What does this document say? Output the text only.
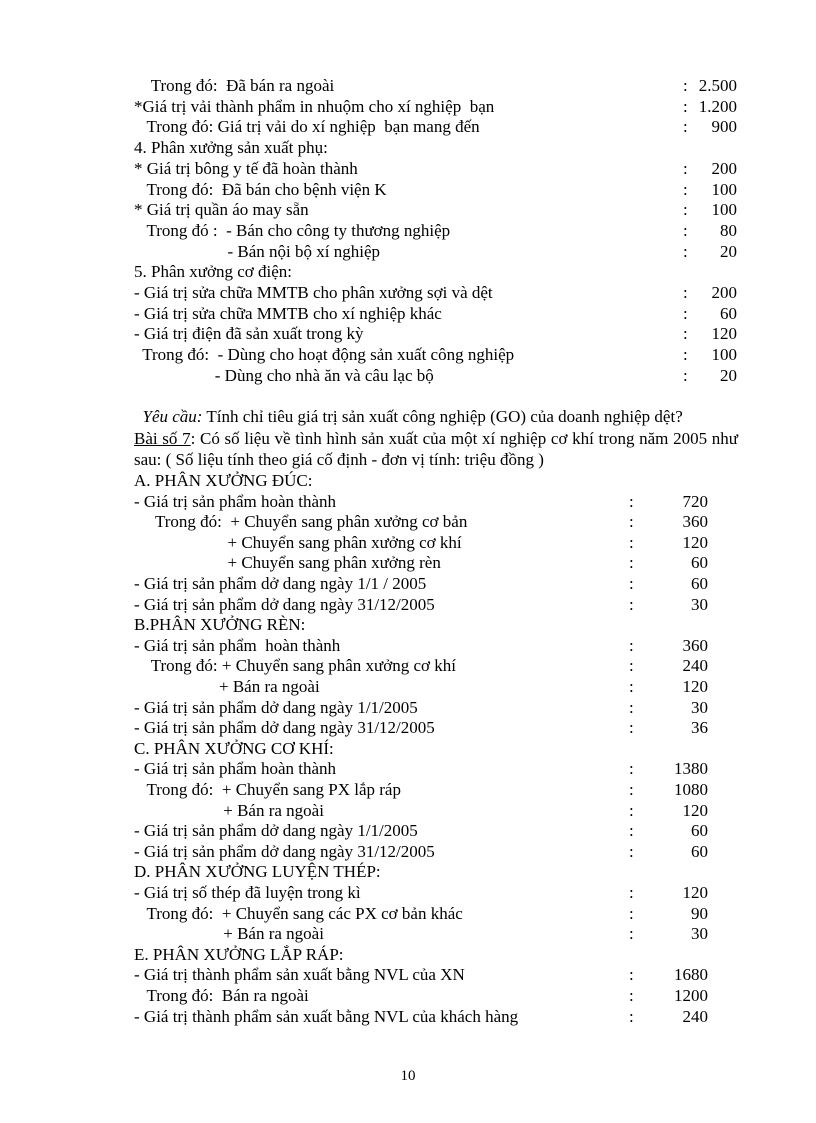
Trong đó:  Đã bán ra ngoài	: 2.500
*Giá trị vải thành phẩm in nhuộm cho xí nghiệp  bạn	: 1.200
Trong đó: Giá trị vải do xí nghiệp  bạn mang đến	: 900
4. Phân xưởng sản xuất phụ:
* Giá trị bông y tế đã hoàn thành	: 200
Trong đó:  Đã bán cho bệnh viện K	: 100
* Giá trị quần áo may sẵn	: 100
Trong đó :  - Bán cho công ty thương nghiệp	: 80
- Bán nội bộ xí nghiệp	: 20
5. Phân xưởng cơ điện:
- Giá trị sửa chữa MMTB cho phân xưởng sợi và dệt	: 200
- Giá trị sửa chữa MMTB cho xí nghiệp khác	: 60
- Giá trị điện đã sản xuất trong kỳ	: 120
Trong đó:  - Dùng cho hoạt động sản xuất công nghiệp	: 100
- Dùng cho nhà ăn và câu lạc bộ	: 20

Yêu cầu: Tính chỉ tiêu giá trị sản xuất công nghiệp (GO) của doanh nghiệp dệt?

Bài số 7: Có số liệu về tình hình sản xuất của một xí nghiệp cơ khí trong năm 2005 như sau: ( Số liệu tính theo giá cố định - đơn vị tính: triệu đồng )
A. PHÂN XƯỞNG ĐÚC:
- Giá trị sản phẩm hoàn thành	:	720
Trong đó:  + Chuyển sang phân xưởng cơ bản	:	360
+ Chuyển sang phân xưởng cơ khí	:	120
+ Chuyển sang phân xưởng rèn	:	60
- Giá trị sản phẩm dở dang ngày 1/1 / 2005	:	60
- Giá trị sản phẩm dở dang ngày 31/12/2005	:	30
B.PHÂN XƯỞNG RÈN:
- Giá trị sản phẩm  hoàn thành	:	360
Trong đó: + Chuyển sang phân xưởng cơ khí	:	240
+ Bán ra ngoài	:	120
- Giá trị sản phẩm dở dang ngày 1/1/2005	:	30
- Giá trị sản phẩm dở dang ngày 31/12/2005	:	36
C. PHÂN XƯỞNG CƠ KHÍ:
- Giá trị sản phẩm hoàn thành	: 1380
Trong đó:  + Chuyển sang PX lắp ráp	: 1080
+ Bán ra ngoài	:	120
- Giá trị sản phẩm dở dang ngày 1/1/2005	:	60
- Giá trị sản phẩm dở dang ngày 31/12/2005	:	60
D. PHÂN XƯỞNG LUYỆN THÉP:
- Giá trị số thép đã luyện trong kì	:	120
Trong đó:  + Chuyển sang các PX cơ bản khác	:	90
+ Bán ra ngoài	:	30
E. PHÂN XƯỞNG LẮP RÁP:
- Giá trị thành phẩm sản xuất bằng NVL của XN	: 1680
Trong đó:  Bán ra ngoài	: 1200
- Giá trị thành phẩm sản xuất bằng NVL của khách hàng	:	240
10
